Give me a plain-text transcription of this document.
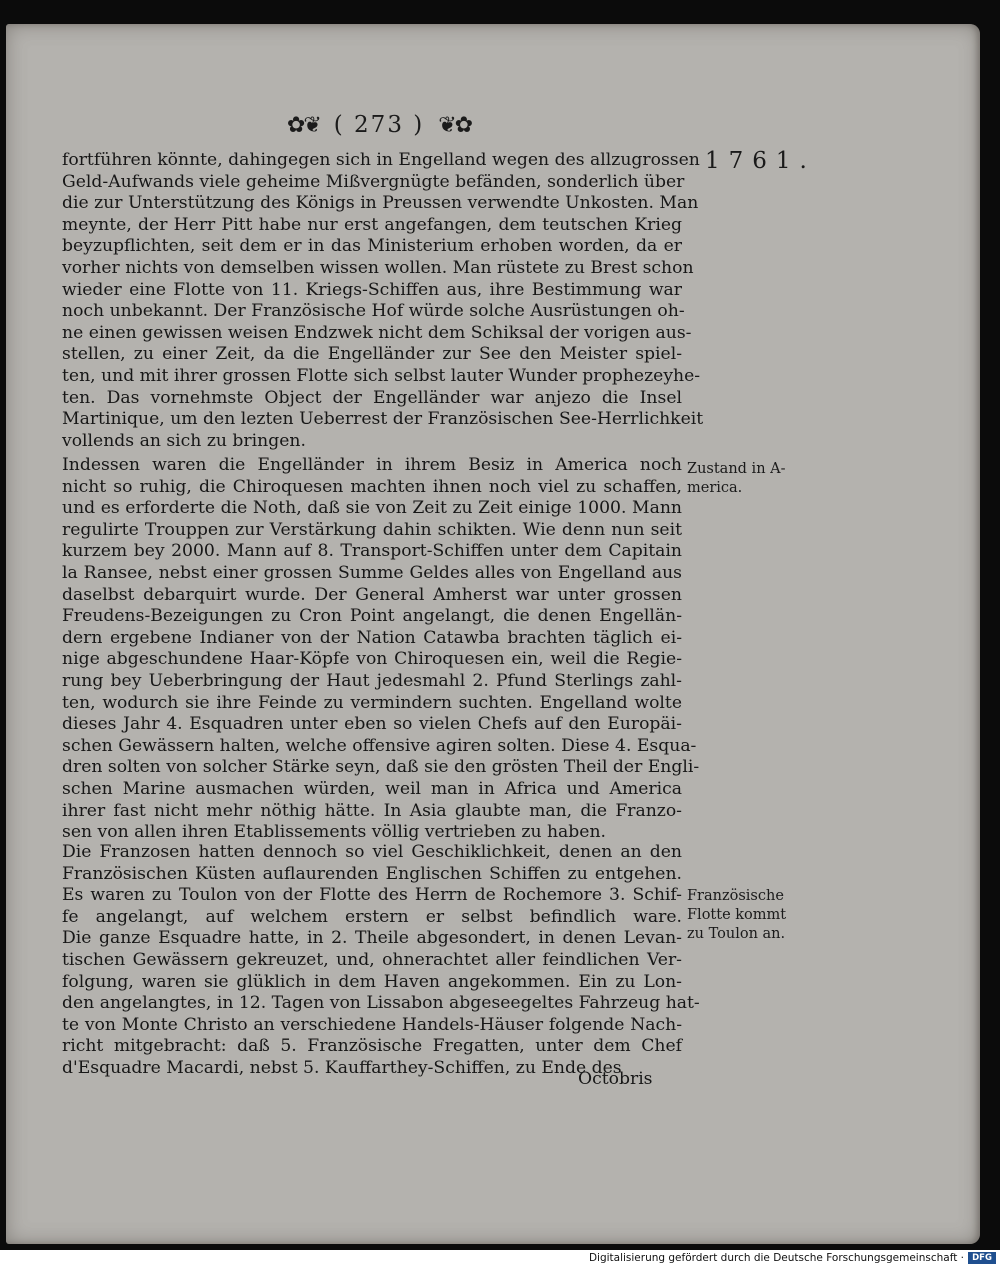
✿❦ ( 273 ) ❦✿
1761.
fortführen könnte, dahingegen sich in Engelland wegen des allzugrossen
Geld-Aufwands viele geheime Mißvergnügte befänden, sonderlich über
die zur Unterstützung des Königs in Preussen verwendte Unkosten. Man
meynte, der Herr Pitt habe nur erst angefangen, dem teutschen Krieg
beyzupflichten, seit dem er in das Ministerium erhoben worden, da er
vorher nichts von demselben wissen wollen. Man rüstete zu Brest schon
wieder eine Flotte von 11. Kriegs-Schiffen aus, ihre Bestimmung war
noch unbekannt. Der Französische Hof würde solche Ausrüstungen oh-
ne einen gewissen weisen Endzwek nicht dem Schiksal der vorigen aus-
stellen, zu einer Zeit, da die Engelländer zur See den Meister spiel-
ten, und mit ihrer grossen Flotte sich selbst lauter Wunder prophezeyhe-
ten. Das vornehmste Object der Engelländer war anjezo die Insel
Martinique, um den lezten Ueberrest der Französischen See-Herrlichkeit
vollends an sich zu bringen.
Indessen waren die Engelländer in ihrem Besiz in America noch
nicht so ruhig, die Chiroquesen machten ihnen noch viel zu schaffen,
und es erforderte die Noth, daß sie von Zeit zu Zeit einige 1000. Mann
regulirte Trouppen zur Verstärkung dahin schikten. Wie denn nun seit
kurzem bey 2000. Mann auf 8. Transport-Schiffen unter dem Capitain
la Ransee, nebst einer grossen Summe Geldes alles von Engelland aus
daselbst debarquirt wurde. Der General Amherst war unter grossen
Freudens-Bezeigungen zu Cron Point angelangt, die denen Engellän-
dern ergebene Indianer von der Nation Catawba brachten täglich ei-
nige abgeschundene Haar-Köpfe von Chiroquesen ein, weil die Regie-
rung bey Ueberbringung der Haut jedesmahl 2. Pfund Sterlings zahl-
ten, wodurch sie ihre Feinde zu vermindern suchten. Engelland wolte
dieses Jahr 4. Esquadren unter eben so vielen Chefs auf den Europäi-
schen Gewässern halten, welche offensive agiren solten. Diese 4. Esqua-
dren solten von solcher Stärke seyn, daß sie den grösten Theil der Engli-
schen Marine ausmachen würden, weil man in Africa und America
ihrer fast nicht mehr nöthig hätte. In Asia glaubte man, die Franzo-
sen von allen ihren Etablissements völlig vertrieben zu haben.
Die Franzosen hatten dennoch so viel Geschiklichkeit, denen an den
Französischen Küsten auflaurenden Englischen Schiffen zu entgehen.
Es waren zu Toulon von der Flotte des Herrn de Rochemore 3. Schif-
fe angelangt, auf welchem erstern er selbst befindlich ware.
Die ganze Esquadre hatte, in 2. Theile abgesondert, in denen Levan-
tischen Gewässern gekreuzet, und, ohnerachtet aller feindlichen Ver-
folgung, waren sie glüklich in dem Haven angekommen. Ein zu Lon-
den angelangtes, in 12. Tagen von Lissabon abgeseegeltes Fahrzeug hat-
te von Monte Christo an verschiedene Handels-Häuser folgende Nach-
richt mitgebracht: daß 5. Französische Fregatten, unter dem Chef
d'Esquadre Macardi, nebst 5. Kauffarthey-Schiffen, zu Ende des
Zustand in A-
merica.
Französische
Flotte kommt
zu Toulon an.
Octobris
Digitalisierung gefördert durch die Deutsche Forschungsgemeinschaft · DFG
